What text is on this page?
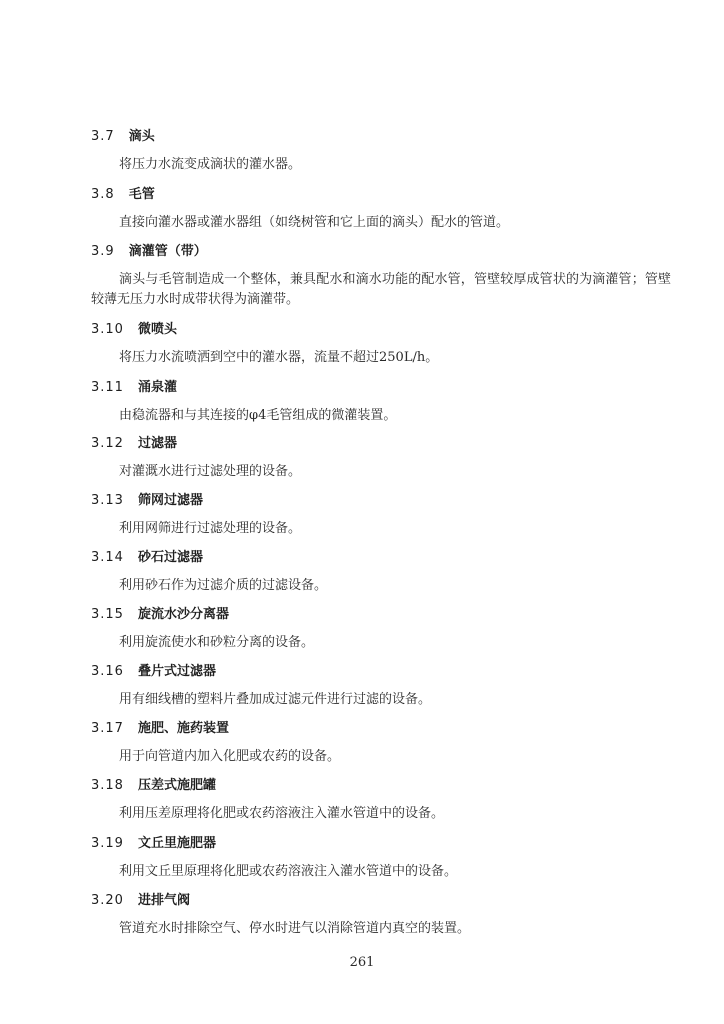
3.7 滴头
将压力水流变成滴状的灌水器。
3.8 毛管
直接向灌水器或灌水器组（如绕树管和它上面的滴头）配水的管道。
3.9 滴灌管（带）
滴头与毛管制造成一个整体，兼具配水和滴水功能的配水管，管壁较厚成管状的为滴灌管；管壁较薄无压力水时成带状得为滴灌带。
3.10 微喷头
将压力水流喷洒到空中的灌水器，流量不超过250L/h。
3.11 涌泉灌
由稳流器和与其连接的φ4毛管组成的微灌装置。
3.12 过滤器
对灌溉水进行过滤处理的设备。
3.13 筛网过滤器
利用网筛进行过滤处理的设备。
3.14 砂石过滤器
利用砂石作为过滤介质的过滤设备。
3.15 旋流水沙分离器
利用旋流使水和砂粒分离的设备。
3.16 叠片式过滤器
用有细线槽的塑料片叠加成过滤元件进行过滤的设备。
3.17 施肥、施药装置
用于向管道内加入化肥或农药的设备。
3.18 压差式施肥罐
利用压差原理将化肥或农药溶液注入灌水管道中的设备。
3.19 文丘里施肥器
利用文丘里原理将化肥或农药溶液注入灌水管道中的设备。
3.20 进排气阀
管道充水时排除空气、停水时进气以消除管道内真空的装置。
261
